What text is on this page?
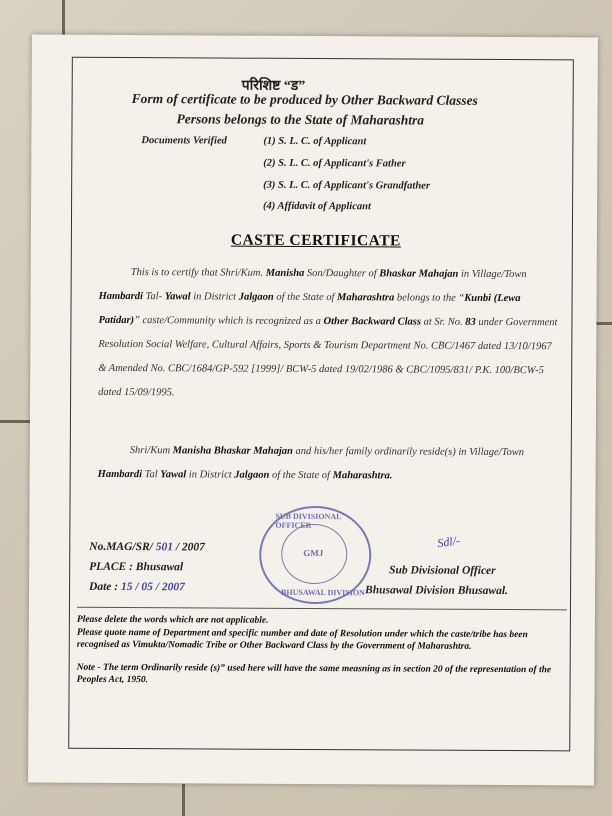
परिशिष्ट “ड”
Form of certificate to be produced by Other Backward Classes
Persons belongs to the State of Maharashtra
Documents Verified	(1) S. L. C. of Applicant
(2) S. L. C. of Applicant's Father
(3) S. L. C. of Applicant's Grandfather
(4) Affidavit of Applicant
CASTE CERTIFICATE
This is to certify that Shri/Kum. Manisha Son/Daughter of Bhaskar Mahajan in Village/Town Hambardi Tal- Yawal in District Jalgaon of the State of Maharashtra belongs to the “Kunbi (Lewa Patidar)” caste/Community which is recognized as a Other Backward Class at Sr. No. 83 under Government Resolution Social Welfare, Cultural Affairs, Sports & Tourism Department No. CBC/1467 dated 13/10/1967 & Amended No. CBC/1684/GP-592 [1999]/ BCW-5 dated 19/02/1986 & CBC/1095/831/ P.K. 100/BCW-5 dated 15/09/1995.
Shri/Kum Manisha Bhaskar Mahajan and his/her family ordinarily reside(s) in Village/Town Hambardi Tal Yawal in District Jalgaon of the State of Maharashtra.
No.MAG/SR/ 501 / 2007
PLACE : Bhusawal
Date : 15 / 05 / 2007
SUB DIVISIONAL OFFICER
GMJ
BHUSAWAL DIVISION
Sdl/-
Sub Divisional Officer
Bhusawal Division Bhusawal.
Please delete the words which are not applicable.
Please quote name of Department and specific number and date of Resolution under which the caste/tribe has been recognised as Vimukta/Nomadic Tribe or Other Backward Class by the Government of Maharashtra.
Note - The term Ordinarily reside (s)” used here will have the same measning as in section 20 of the representation of the Peoples Act, 1950.
